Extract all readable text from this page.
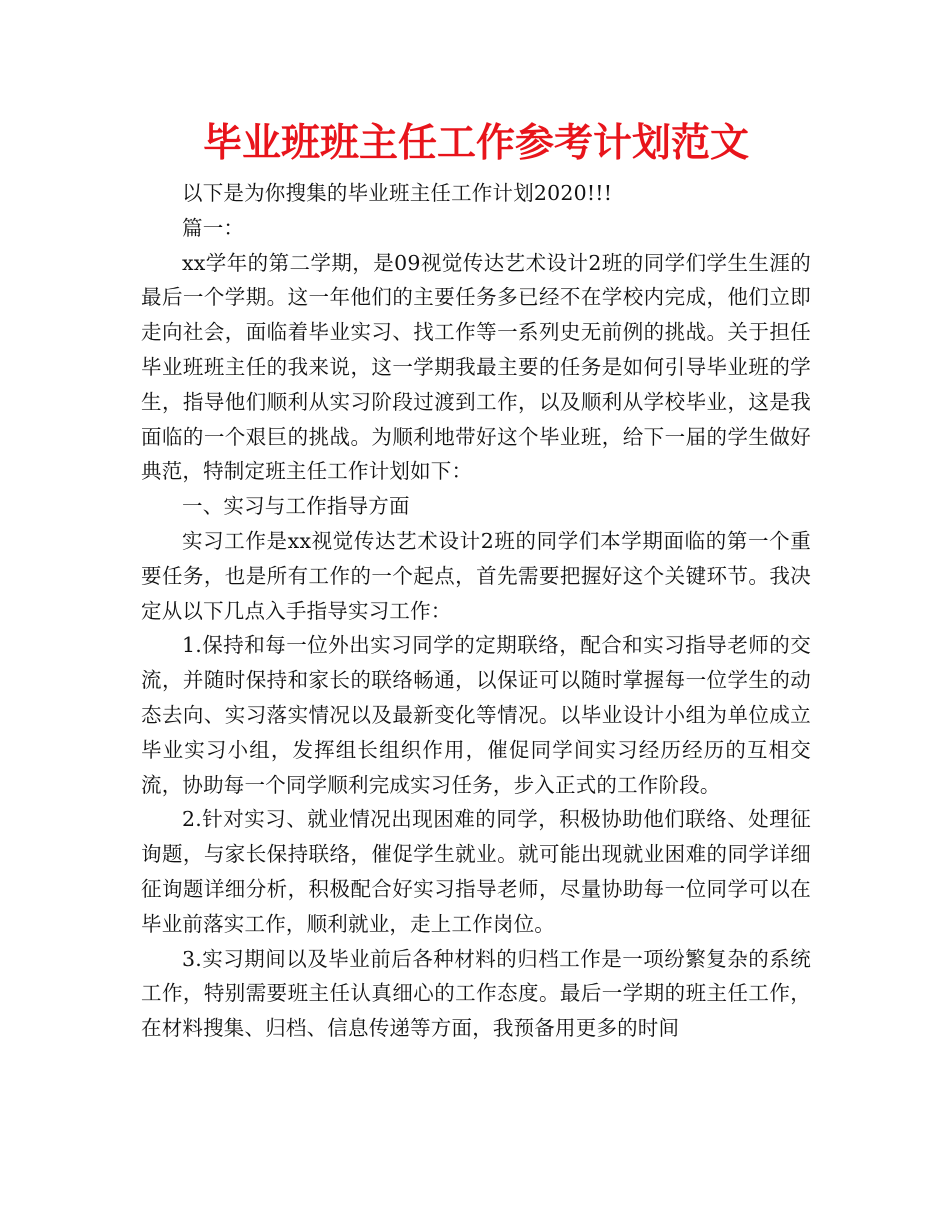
毕业班班主任工作参考计划范文

以下是为你搜集的毕业班主任工作计划2020!!!

篇一：

xx学年的第二学期，是09视觉传达艺术设计2班的同学们学生生涯的最后一个学期。这一年他们的主要任务多已经不在学校内完成，他们立即走向社会，面临着毕业实习、找工作等一系列史无前例的挑战。关于担任毕业班班主任的我来说，这一学期我最主要的任务是如何引导毕业班的学生，指导他们顺利从实习阶段过渡到工作，以及顺利从学校毕业，这是我面临的一个艰巨的挑战。为顺利地带好这个毕业班，给下一届的学生做好典范，特制定班主任工作计划如下：

一、实习与工作指导方面

实习工作是xx视觉传达艺术设计2班的同学们本学期面临的第一个重要任务，也是所有工作的一个起点，首先需要把握好这个关键环节。我决定从以下几点入手指导实习工作：

1.保持和每一位外出实习同学的定期联络，配合和实习指导老师的交流，并随时保持和家长的联络畅通，以保证可以随时掌握每一位学生的动态去向、实习落实情况以及最新变化等情况。以毕业设计小组为单位成立毕业实习小组，发挥组长组织作用，催促同学间实习经历经历的互相交流，协助每一个同学顺利完成实习任务，步入正式的工作阶段。

2.针对实习、就业情况出现困难的同学，积极协助他们联络、处理征询题，与家长保持联络，催促学生就业。就可能出现就业困难的同学详细征询题详细分析，积极配合好实习指导老师，尽量协助每一位同学可以在毕业前落实工作，顺利就业，走上工作岗位。

3.实习期间以及毕业前后各种材料的归档工作是一项纷繁复杂的系统工作，特别需要班主任认真细心的工作态度。最后一学期的班主任工作，在材料搜集、归档、信息传递等方面，我预备用更多的时间
